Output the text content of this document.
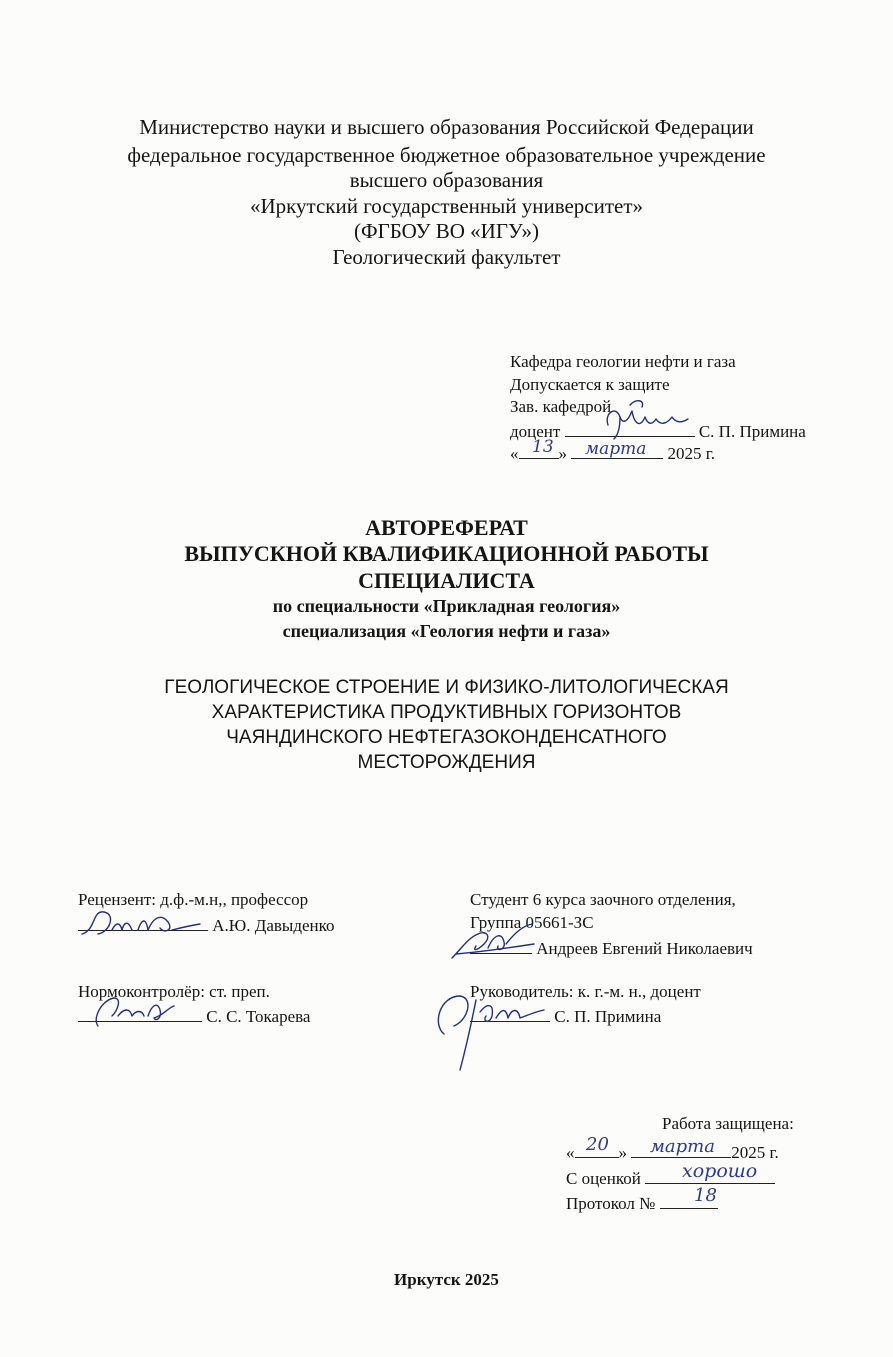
Министерство науки и высшего образования Российской Федерации
федеральное государственное бюджетное образовательное учреждение
высшего образования
«Иркутский государственный университет»
(ФГБОУ ВО «ИГУ»)
Геологический факультет
Кафедра геологии нефти и газа
Допускается к защите
Зав. кафедрой
доцент	С. П. Примина
« »	2025 г.
13 марта
АВТОРЕФЕРАТ
ВЫПУСКНОЙ КВАЛИФИКАЦИОННОЙ РАБОТЫ
СПЕЦИАЛИСТА
по специальности «Прикладная геология»
специализация «Геология нефти и газа»
ГЕОЛОГИЧЕСКОЕ СТРОЕНИЕ И ФИЗИКО-ЛИТОЛОГИЧЕСКАЯ
ХАРАКТЕРИСТИКА ПРОДУКТИВНЫХ ГОРИЗОНТОВ
ЧАЯНДИНСКОГО НЕФТЕГАЗОКОНДЕНСАТНОГО
МЕСТОРОЖДЕНИЯ
Рецензент: д.ф.-м.н,, профессор
А.Ю. Давыденко
Студент 6 курса заочного отделения,
Группа 05661-ЗС
Андреев Евгений Николаевич
Нормоконтролёр: ст. преп.
С. С. Токарева
Руководитель: к. г.-м. н., доцент
С. П. Примина
Работа защищена:
«	»	2025 г.
20 марта
С оценкой	хорошо
Протокол №	18
Иркутск 2025
